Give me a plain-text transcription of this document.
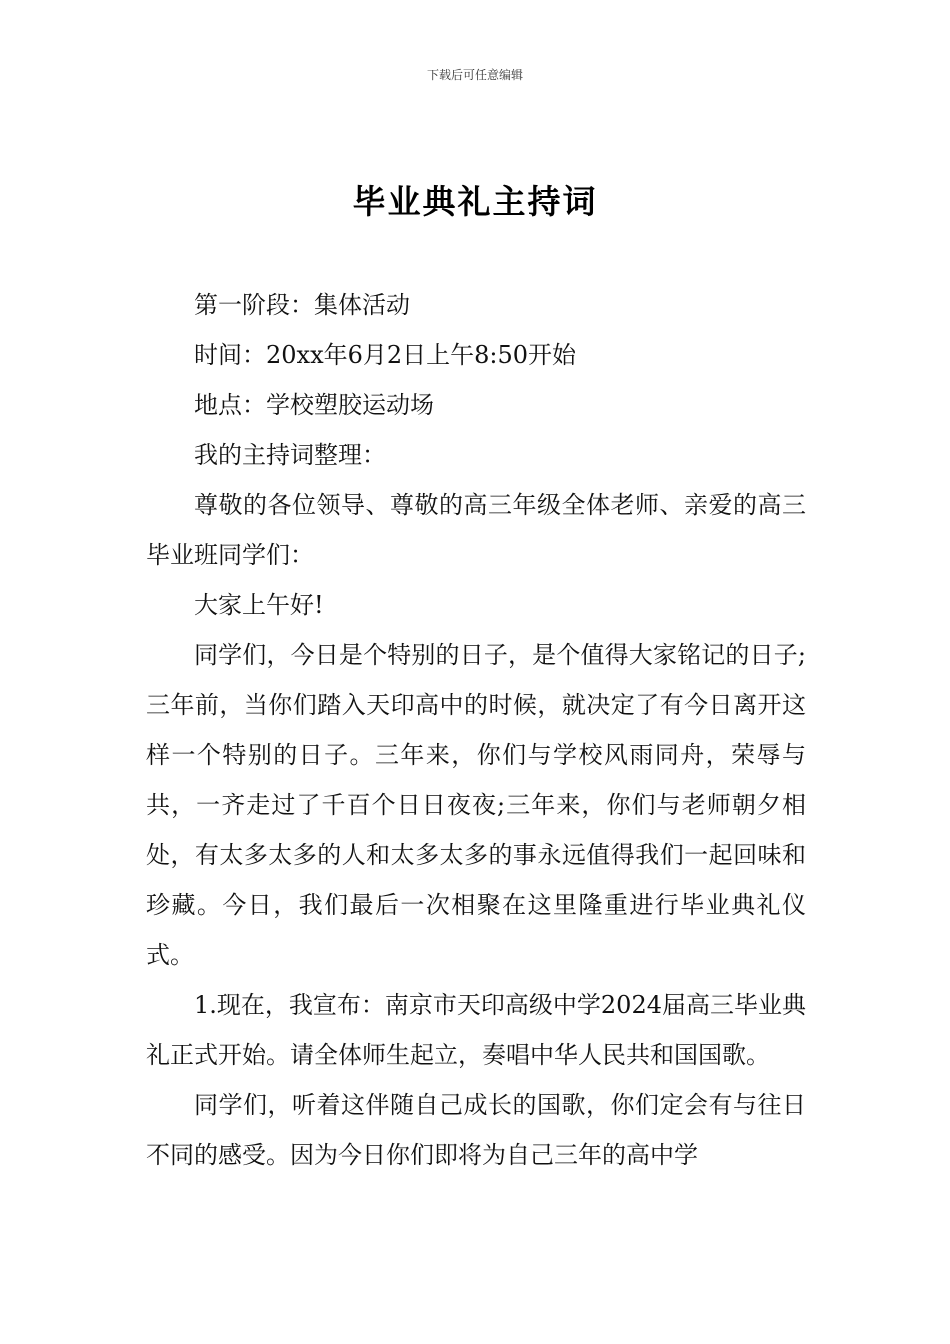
下载后可任意编辑
毕业典礼主持词

第一阶段：集体活动

时间：20xx年6月2日上午8:50开始

地点：学校塑胶运动场

我的主持词整理：

尊敬的各位领导、尊敬的高三年级全体老师、亲爱的高三毕业班同学们：

大家上午好!

同学们，今日是个特别的日子，是个值得大家铭记的日子;三年前，当你们踏入天印高中的时候，就决定了有今日离开这样一个特别的日子。三年来，你们与学校风雨同舟，荣辱与共，一齐走过了千百个日日夜夜;三年来，你们与老师朝夕相处，有太多太多的人和太多太多的事永远值得我们一起回味和珍藏。今日，我们最后一次相聚在这里隆重进行毕业典礼仪式。

1.现在，我宣布：南京市天印高级中学2024届高三毕业典礼正式开始。请全体师生起立，奏唱中华人民共和国国歌。

同学们，听着这伴随自己成长的国歌，你们定会有与往日不同的感受。因为今日你们即将为自己三年的高中学
